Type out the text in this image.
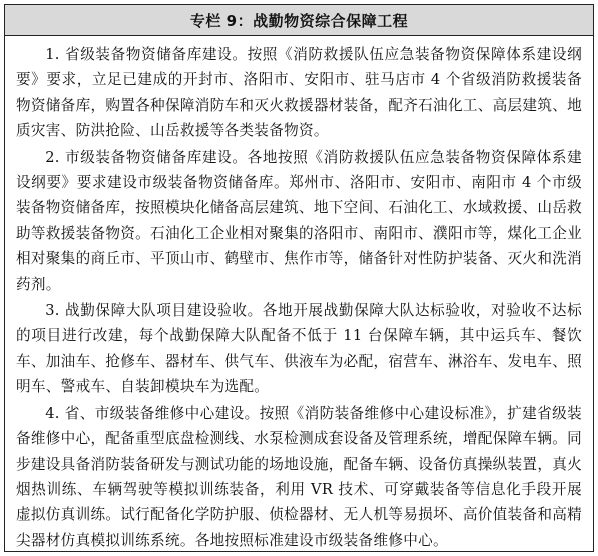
专栏 9：战勤物资综合保障工程

1. 省级装备物资储备库建设。按照《消防救援队伍应急装备物资保障体系建设纲要》要求，立足已建成的开封市、洛阳市、安阳市、驻马店市 4 个省级消防救援装备物资储备库，购置各种保障消防车和灭火救援器材装备，配齐石油化工、高层建筑、地质灾害、防洪抢险、山岳救援等各类装备物资。

2. 市级装备物资储备库建设。各地按照《消防救援队伍应急装备物资保障体系建设纲要》要求建设市级装备物资储备库。郑州市、洛阳市、安阳市、南阳市 4 个市级装备物资储备库，按照模块化储备高层建筑、地下空间、石油化工、水域救援、山岳救助等救援装备物资。石油化工企业相对聚集的洛阳市、南阳市、濮阳市等，煤化工企业相对聚集的商丘市、平顶山市、鹤壁市、焦作市等，储备针对性防护装备、灭火和洗消药剂。

3. 战勤保障大队项目建设验收。各地开展战勤保障大队达标验收，对验收不达标的项目进行改建，每个战勤保障大队配备不低于 11 台保障车辆，其中运兵车、餐饮车、加油车、抢修车、器材车、供气车、供液车为必配，宿营车、淋浴车、发电车、照明车、警戒车、自装卸模块车为选配。

4. 省、市级装备维修中心建设。按照《消防装备维修中心建设标准》，扩建省级装备维修中心，配备重型底盘检测线、水泵检测成套设备及管理系统，增配保障车辆。同步建设具备消防装备研发与测试功能的场地设施，配备车辆、设备仿真操纵装置，真火烟热训练、车辆驾驶等模拟训练装备，利用 VR 技术、可穿戴装备等信息化手段开展虚拟仿真训练。试行配备化学防护服、侦检器材、无人机等易损坏、高价值装备和高精尖器材仿真模拟训练系统。各地按照标准建设市级装备维修中心。
